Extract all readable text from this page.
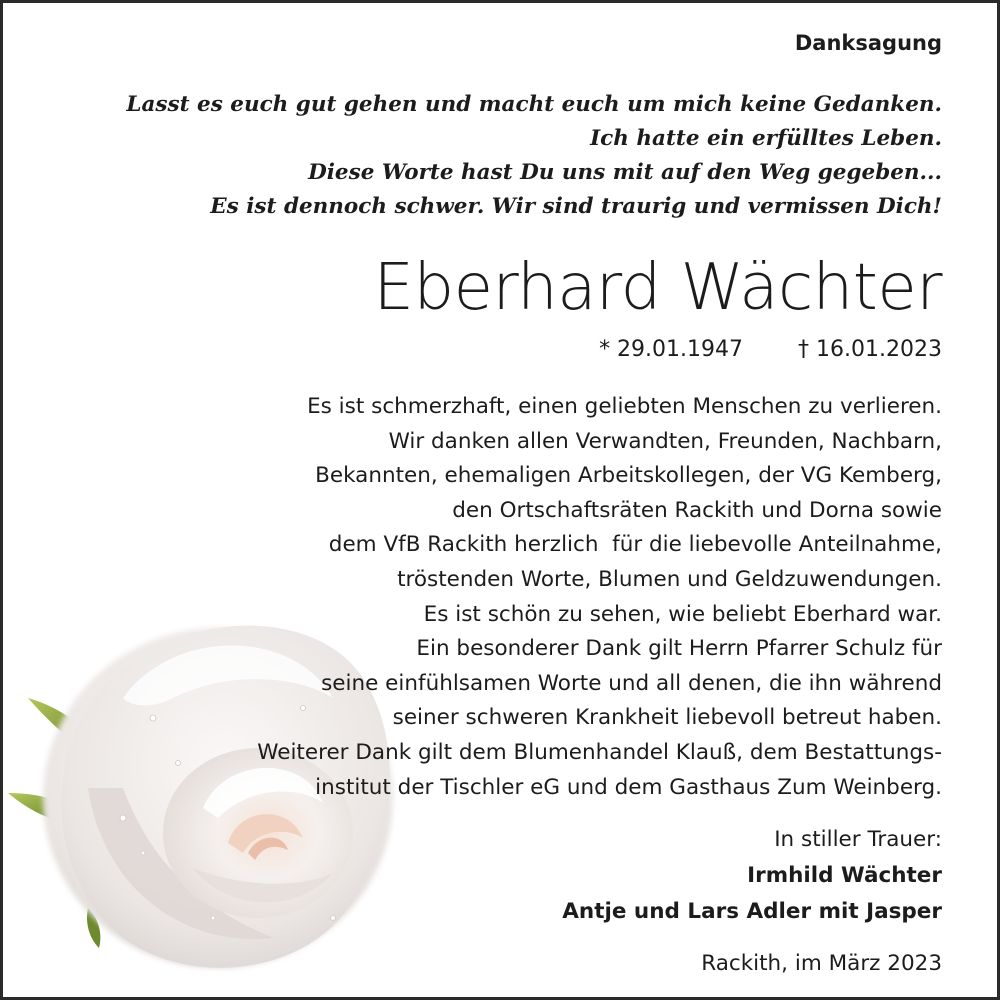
Danksagung
Lasst es euch gut gehen und macht euch um mich keine Gedanken.
Ich hatte ein erfülltes Leben.
Diese Worte hast Du uns mit auf den Weg gegeben...
Es ist dennoch schwer. Wir sind traurig und vermissen Dich!
Eberhard Wächter
* 29.01.1947	† 16.01.2023
Es ist schmerzhaft, einen geliebten Menschen zu verlieren.
Wir danken allen Verwandten, Freunden, Nachbarn,
Bekannten, ehemaligen Arbeitskollegen, der VG Kemberg,
den Ortschaftsräten Rackith und Dorna sowie
dem VfB Rackith herzlich  für die liebevolle Anteilnahme,
tröstenden Worte, Blumen und Geldzuwendungen.
Es ist schön zu sehen, wie beliebt Eberhard war.
Ein besonderer Dank gilt Herrn Pfarrer Schulz für
seine einfühlsamen Worte und all denen, die ihn während
seiner schweren Krankheit liebevoll betreut haben.
Weiterer Dank gilt dem Blumenhandel Klauß, dem Bestattungs-
institut der Tischler eG und dem Gasthaus Zum Weinberg.
In stiller Trauer:
Irmhild Wächter
Antje und Lars Adler mit Jasper
Rackith, im März 2023
